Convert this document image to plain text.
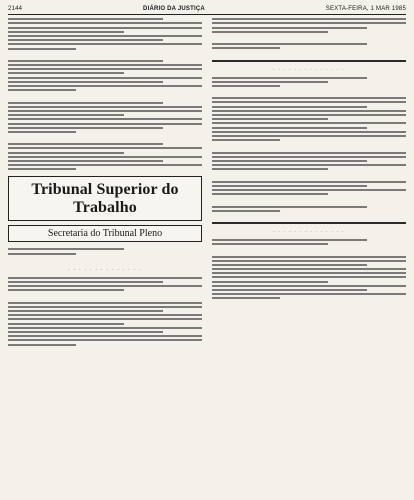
2144	DIÁRIO DA JUSTIÇA	SEXTA-FEIRA, 1 MAR 1985
Tribunal Superior do Trabalho
Secretaria do Tribunal Pleno
· · · · · · · · · · · · · ·
· · · · · · · · · · · · · ·
· · · · · · · · · · · · · ·
